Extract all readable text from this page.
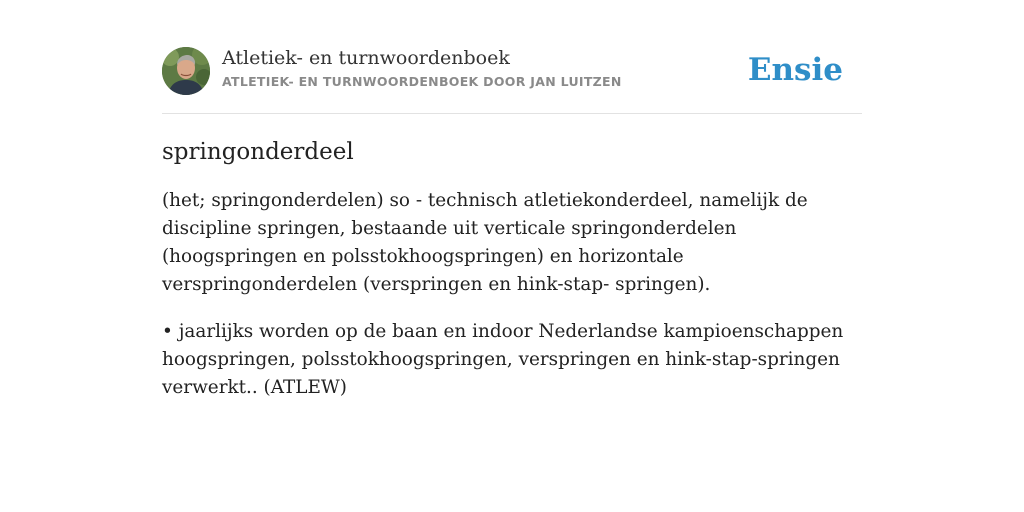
Atletiek- en turnwoordenboek
ATLETIEK- EN TURNWOORDENBOEK DOOR JAN LUITZEN	Ensie
springonderdeel

(het; springonderdelen) so - technisch atletiekonderdeel, namelijk de discipline springen, bestaande uit verticale springonderdelen (hoogspringen en polsstokhoogspringen) en horizontale verspringonderdelen (verspringen en hink-stap- springen).

• jaarlijks worden op de baan en indoor Nederlandse kampioenschappen hoogspringen, polsstokhoogspringen, verspringen en hink-stap-springen verwerkt.. (ATLEW)
